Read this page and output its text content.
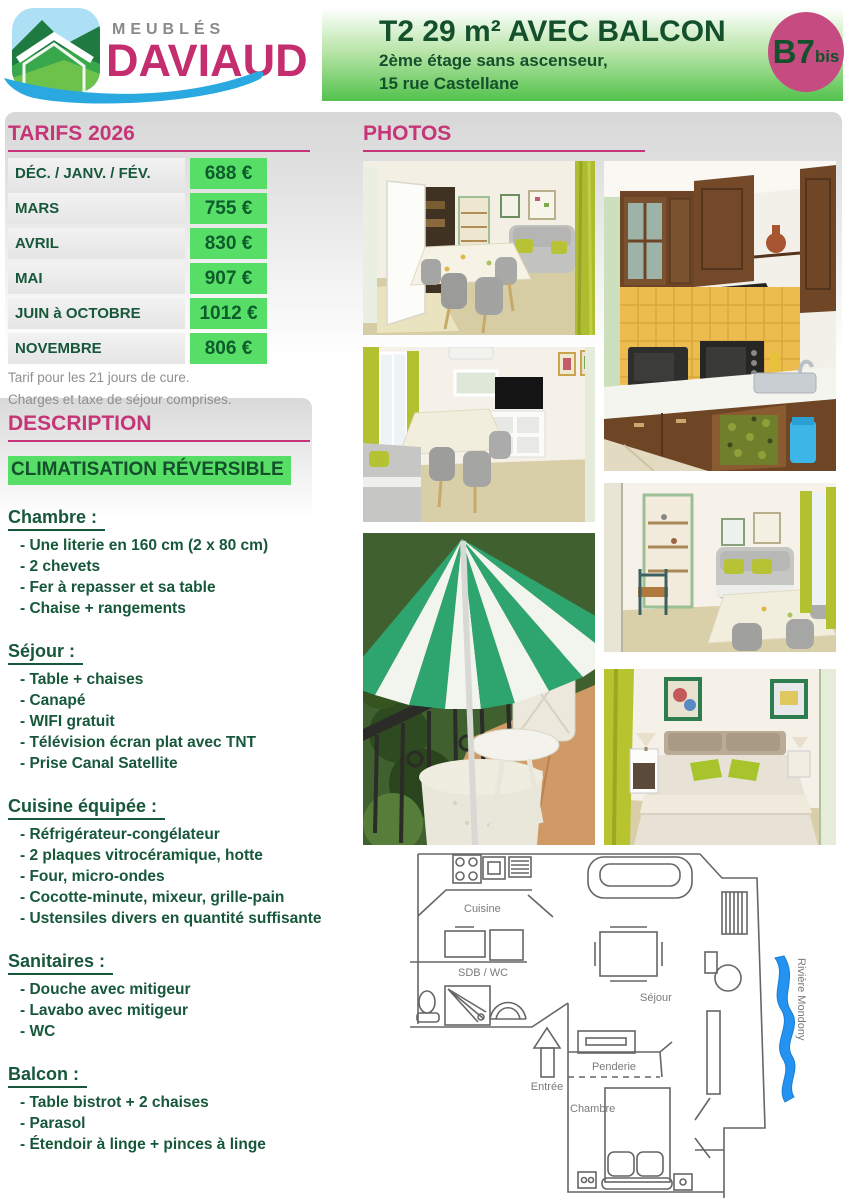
MEUBLÉS
DAVIAUD
T2 29 m² AVEC BALCON
2ème étage sans ascenseur,
15 rue Castellane
B7 bis
TARIFS 2026
DÉC. / JANV. / FÉV.	688 €
MARS	755 €
AVRIL	830 €
MAI	907 €
JUIN à OCTOBRE	1012 €
NOVEMBRE	806 €
Tarif pour les 21 jours de cure.
Charges et taxe de séjour comprises.
DESCRIPTION
CLIMATISATION RÉVERSIBLE
Chambre :
- Une literie en 160 cm (2 x 80 cm)
- 2 chevets
- Fer à repasser et sa table
- Chaise + rangements
Séjour :
- Table + chaises
- Canapé
- WIFI gratuit
- Télévision écran plat avec TNT
- Prise Canal Satellite
Cuisine équipée :
- Réfrigérateur-congélateur
- 2 plaques vitrocéramique, hotte
- Four, micro-ondes
- Cocotte-minute, mixeur, grille-pain
- Ustensiles divers en quantité suffisante
Sanitaires :
- Douche avec mitigeur
- Lavabo avec mitigeur
- WC
Balcon :
- Table bistrot + 2 chaises
- Parasol
- Étendoir à linge + pinces à linge
PHOTOS
Cuisine
SDB / WC
Séjour
Penderie
Chambre
Entrée
Rivière Mondony
